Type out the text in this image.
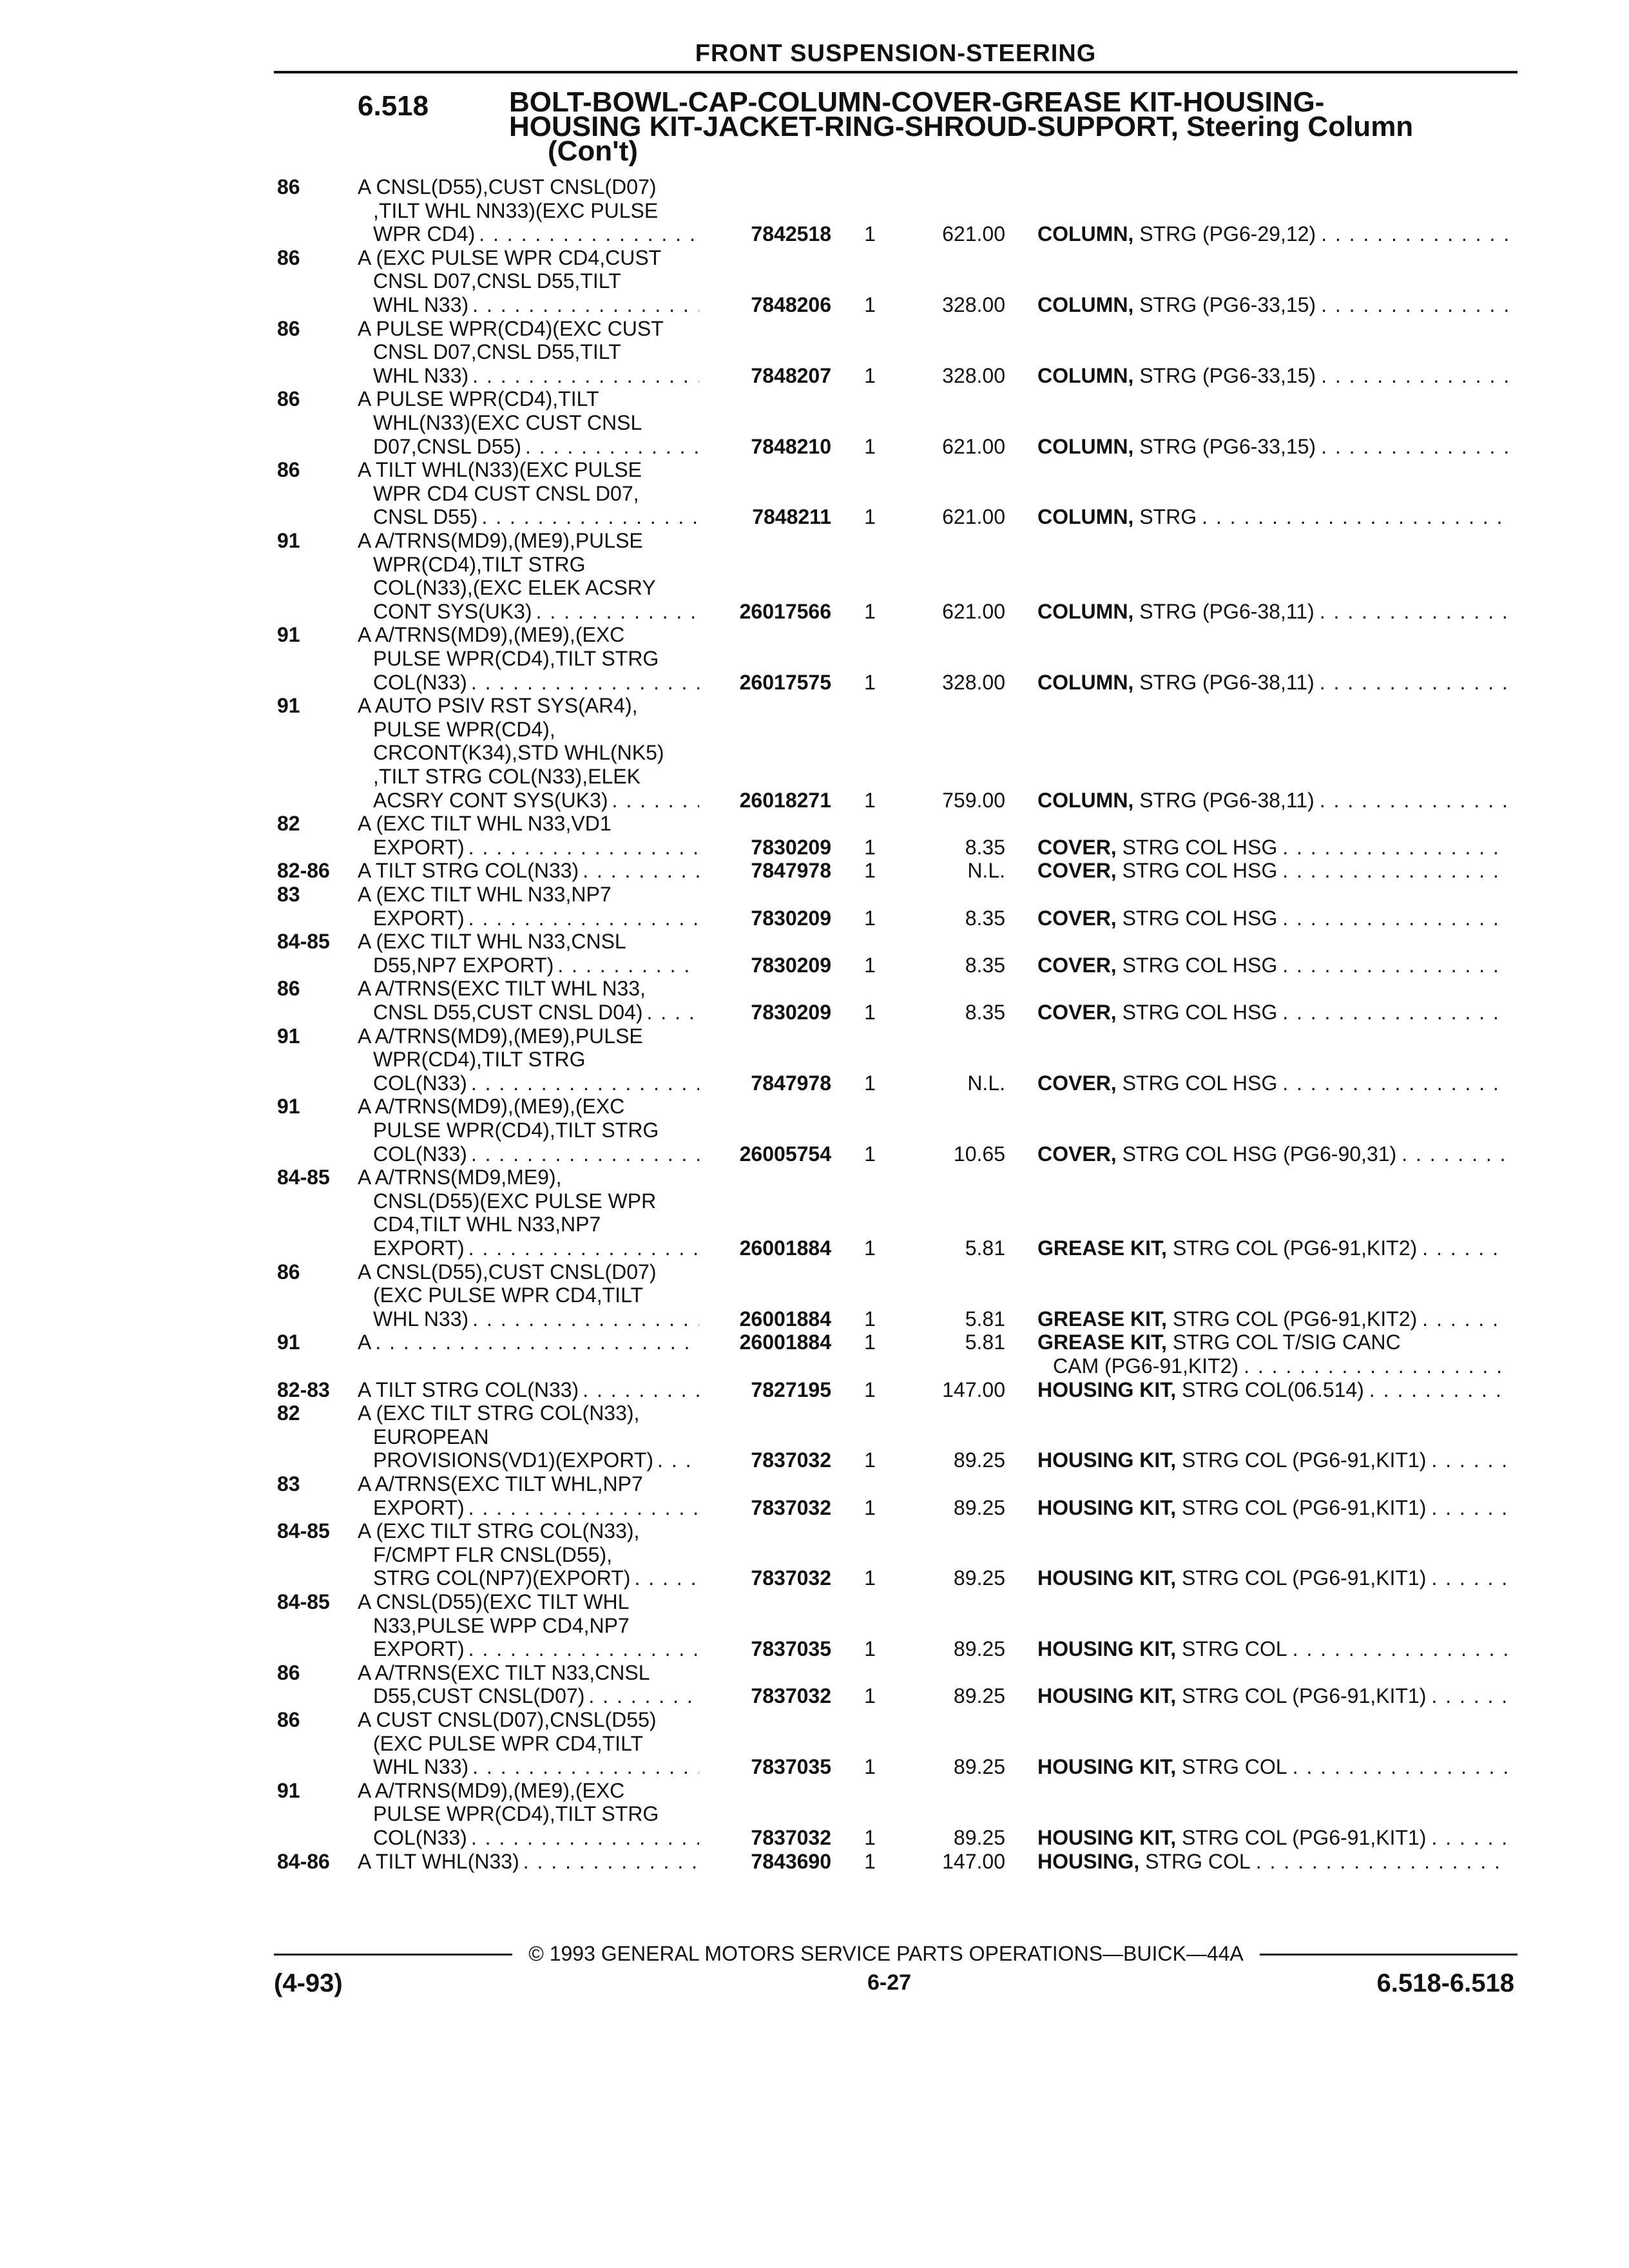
FRONT SUSPENSION-STEERING
6.518	BOLT-BOWL-CAP-COLUMN-COVER-GREASE KIT-HOUSING-
HOUSING KIT-JACKET-RING-SHROUD-SUPPORT, Steering Column
(Con't)
86	A CNSL(D55),CUST CNSL(D07)
,TILT WHL NN33)(EXC PULSE
WPR CD4) . . .	7842518	1	621.00 COLUMN, STRG (PG6-29,12)
. . .
86	A (EXC PULSE WPR CD4,CUST
CNSL D07,CNSL D55,TILT
WHL N33) . . .	7848206	1	328.00 COLUMN, STRG (PG6-33,15)
. . .
86	A PULSE WPR(CD4)(EXC CUST
CNSL D07,CNSL D55,TILT
WHL N33) . . .	7848207	1	328.00 COLUMN, STRG (PG6-33,15)
. . .
86	A PULSE WPR(CD4),TILT
WHL(N33)(EXC CUST CNSL
D07,CNSL D55) . . .	7848210	1	621.00 COLUMN, STRG (PG6-33,15)
. . .
86	A TILT WHL(N33)(EXC PULSE
WPR CD4 CUST CNSL D07,
CNSL D55) . . .	7848211	1	621.00 COLUMN, STRG
. . .
91	A A/TRNS(MD9),(ME9),PULSE
WPR(CD4),TILT STRG
COL(N33),(EXC ELEK ACSRY
CONT SYS(UK3) . . .	26017566	1	621.00 COLUMN, STRG (PG6-38,11)
. . .
91	A A/TRNS(MD9),(ME9),(EXC
PULSE WPR(CD4),TILT STRG
COL(N33) . . .	26017575	1	328.00 COLUMN, STRG (PG6-38,11)
. . .
91	A AUTO PSIV RST SYS(AR4),
PULSE WPR(CD4),
CRCONT(K34),STD WHL(NK5)
,TILT STRG COL(N33),ELEK
ACSRY CONT SYS(UK3) . . .	26018271	1	759.00 COLUMN, STRG (PG6-38,11)
. . .
82	A (EXC TILT WHL N33,VD1
EXPORT) . . .	7830209	1	8.35 COVER, STRG COL HSG
. . .
82-86 A TILT STRG COL(N33) . . .	7847978	1	N.L. COVER, STRG COL HSG
. . .
83	A (EXC TILT WHL N33,NP7
EXPORT) . . .	7830209	1	8.35 COVER, STRG COL HSG
. . .
84-85 A (EXC TILT WHL N33,CNSL
D55,NP7 EXPORT) . . .	7830209	1	8.35 COVER, STRG COL HSG
. . .
86	A A/TRNS(EXC TILT WHL N33,
CNSL D55,CUST CNSL D04) . . .	7830209	1	8.35 COVER, STRG COL HSG
. . .
91	A A/TRNS(MD9),(ME9),PULSE
WPR(CD4),TILT STRG
COL(N33) . . .	7847978	1	N.L. COVER, STRG COL HSG
. . .
91	A A/TRNS(MD9),(ME9),(EXC
PULSE WPR(CD4),TILT STRG
COL(N33) . . .	26005754	1	10.65 COVER, STRG COL HSG (PG6-90,31)
. . .
84-85 A A/TRNS(MD9,ME9),
CNSL(D55)(EXC PULSE WPR
CD4,TILT WHL N33,NP7
EXPORT) . . .	26001884	1	5.81 GREASE KIT, STRG COL (PG6-91,KIT2)
. . .
86	A CNSL(D55),CUST CNSL(D07)
(EXC PULSE WPR CD4,TILT
WHL N33) . . .	26001884	1	5.81 GREASE KIT, STRG COL (PG6-91,KIT2)
. . .
91	A . . .	26001884	1	5.81 GREASE KIT, STRG COL T/SIG CANC
CAM (PG6-91,KIT2)
. . .
82-83 A TILT STRG COL(N33) . . .	7827195	1	147.00 HOUSING KIT, STRG COL(06.514)
. . .
82	A (EXC TILT STRG COL(N33),
EUROPEAN
PROVISIONS(VD1)(EXPORT) . . .	7837032	1	89.25 HOUSING KIT, STRG COL (PG6-91,KIT1)
. . .
83	A A/TRNS(EXC TILT WHL,NP7
EXPORT) . . .	7837032	1	89.25 HOUSING KIT, STRG COL (PG6-91,KIT1)
. . .
84-85 A (EXC TILT STRG COL(N33),
F/CMPT FLR CNSL(D55),
STRG COL(NP7)(EXPORT) . . .	7837032	1	89.25 HOUSING KIT, STRG COL (PG6-91,KIT1)
. . .
84-85 A CNSL(D55)(EXC TILT WHL
N33,PULSE WPP CD4,NP7
EXPORT) . . .	7837035	1	89.25 HOUSING KIT, STRG COL
. . .
86	A A/TRNS(EXC TILT N33,CNSL
D55,CUST CNSL(D07) . . .	7837032	1	89.25 HOUSING KIT, STRG COL (PG6-91,KIT1)
. . .
86	A CUST CNSL(D07),CNSL(D55)
(EXC PULSE WPR CD4,TILT
WHL N33) . . .	7837035	1	89.25 HOUSING KIT, STRG COL
. . .
91	A A/TRNS(MD9),(ME9),(EXC
PULSE WPR(CD4),TILT STRG
COL(N33) . . .	7837032	1	89.25 HOUSING KIT, STRG COL (PG6-91,KIT1)
. . .
84-86 A TILT WHL(N33) . . .	7843690	1	147.00 HOUSING, STRG COL
. . .
© 1993 GENERAL MOTORS SERVICE PARTS OPERATIONS—BUICK—44A
(4-93)	6-27	6.518-6.518
